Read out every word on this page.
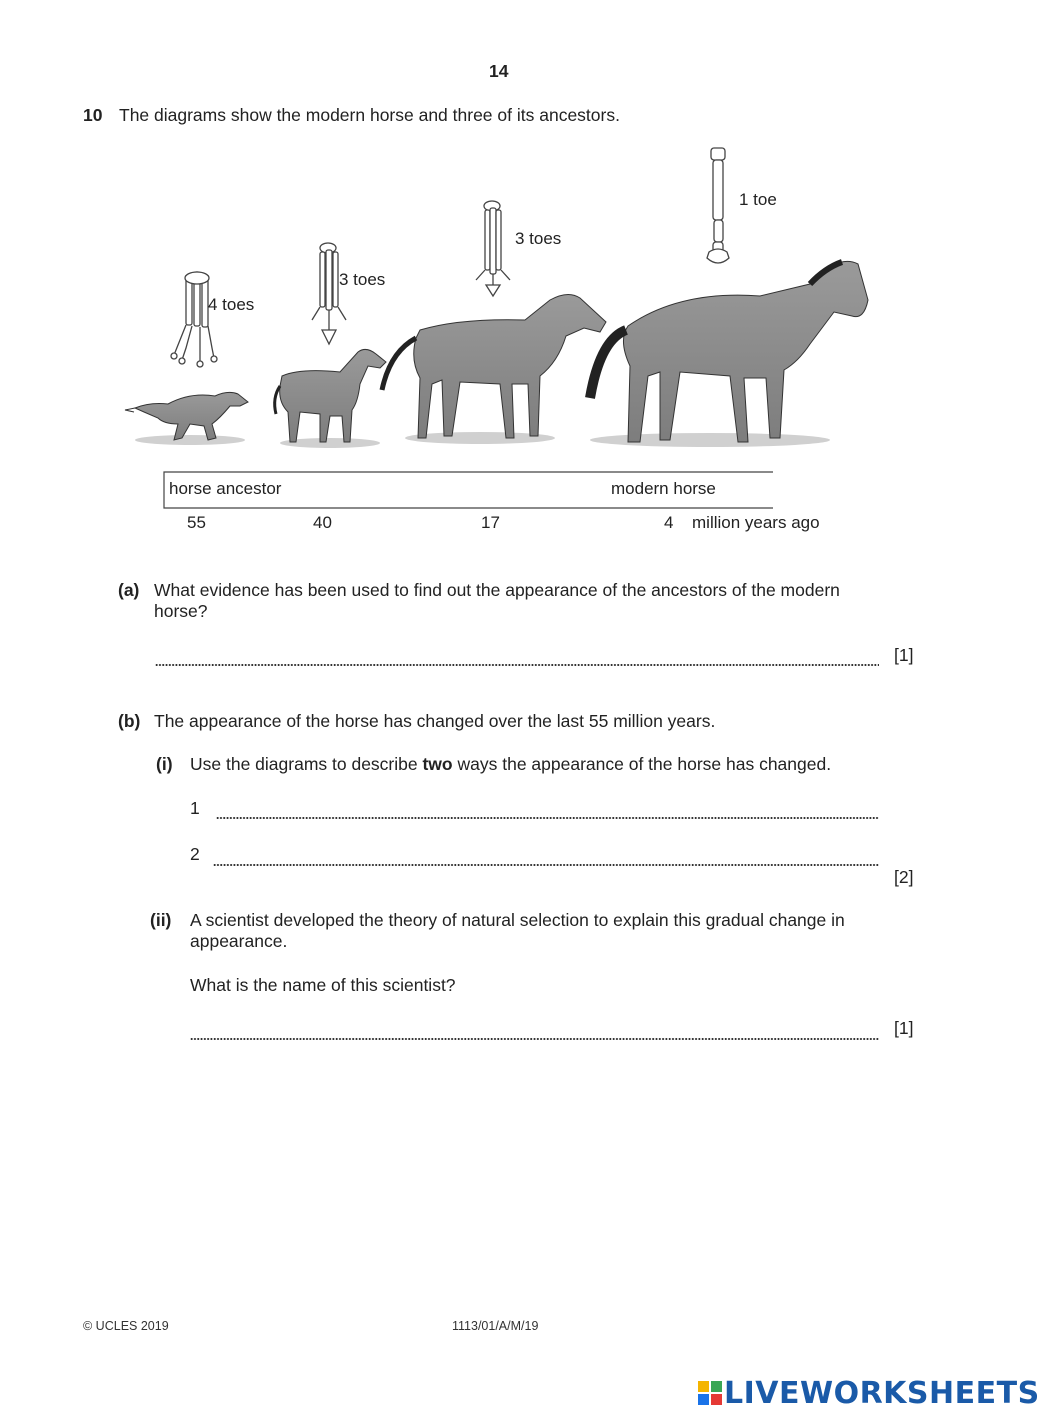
14
10 The diagrams show the modern horse and three of its ancestors.
4 toes
3 toes
3 toes
1 toe
horse ancestor	modern horse
55	40	17	4 million years ago
(a) What evidence has been used to find out the appearance of the ancestors of the modern
horse?
[1]
(b) The appearance of the horse has changed over the last 55 million years.
(i) Use the diagrams to describe two ways the appearance of the horse has changed.
1
2
[2]
(ii) A scientist developed the theory of natural selection to explain this gradual change in
appearance.
What is the name of this scientist?
[1]
© UCLES 2019	1113/01/A/M/19
LIVEWORKSHEETS
